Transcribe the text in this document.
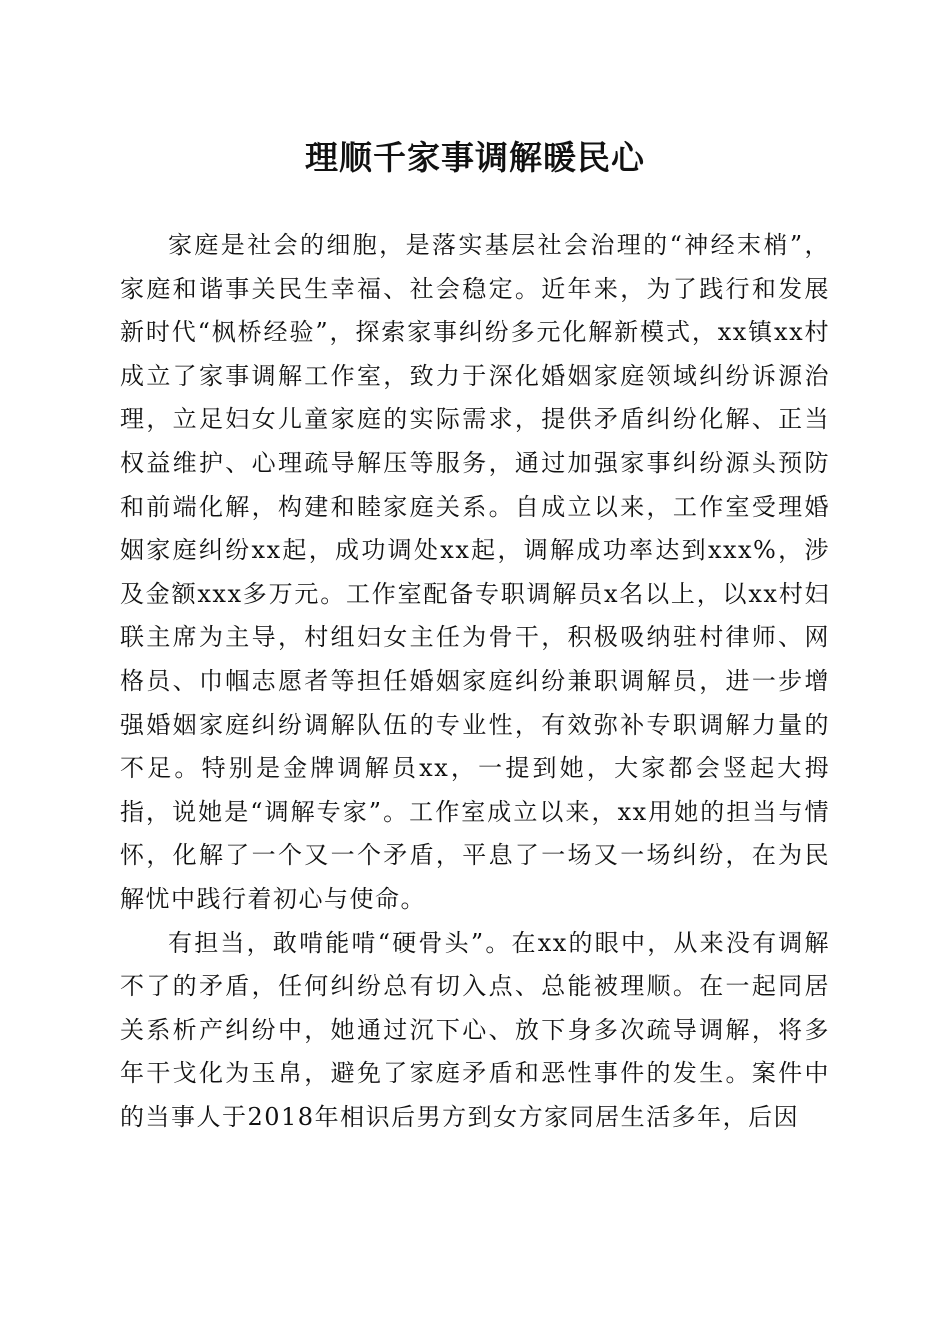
理顺千家事调解暖民心

家庭是社会的细胞，是落实基层社会治理的“神经末梢”，家庭和谐事关民生幸福、社会稳定。近年来，为了践行和发展新时代“枫桥经验”，探索家事纠纷多元化解新模式，xx镇xx村成立了家事调解工作室，致力于深化婚姻家庭领域纠纷诉源治理，立足妇女儿童家庭的实际需求，提供矛盾纠纷化解、正当权益维护、心理疏导解压等服务，通过加强家事纠纷源头预防和前端化解，构建和睦家庭关系。自成立以来，工作室受理婚姻家庭纠纷xx起，成功调处xx起，调解成功率达到xxx%，涉及金额xxx多万元。工作室配备专职调解员x名以上，以xx村妇联主席为主导，村组妇女主任为骨干，积极吸纳驻村律师、网格员、巾帼志愿者等担任婚姻家庭纠纷兼职调解员，进一步增强婚姻家庭纠纷调解队伍的专业性，有效弥补专职调解力量的不足。特别是金牌调解员xx，一提到她，大家都会竖起大拇指，说她是“调解专家”。工作室成立以来，xx用她的担当与情怀，化解了一个又一个矛盾，平息了一场又一场纠纷，在为民解忧中践行着初心与使命。

有担当，敢啃能啃“硬骨头”。在xx的眼中，从来没有调解不了的矛盾，任何纠纷总有切入点、总能被理顺。在一起同居关系析产纠纷中，她通过沉下心、放下身多次疏导调解，将多年干戈化为玉帛，避免了家庭矛盾和恶性事件的发生。案件中的当事人于2018年相识后男方到女方家同居生活多年，后因
